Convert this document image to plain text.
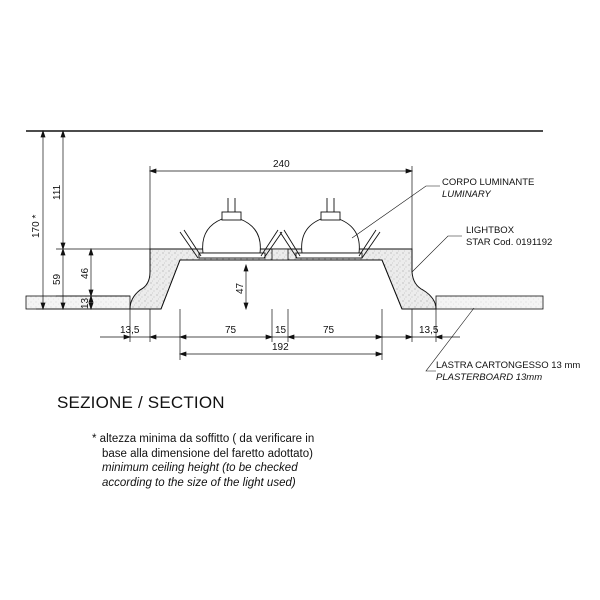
240
170 *
111
59
46
13
47
13,5	75	15	75	13,5
192
CORPO LUMINANTE
LUMINARY
LIGHTBOX
STAR Cod. 0191192
LASTRA CARTONGESSO 13 mm
PLASTERBOARD 13mm
SEZIONE / SECTION
* altezza minima da soffitto ( da verificare in
base alla dimensione del faretto adottato)
minimum ceiling height (to be checked
according to the size of the light used)
